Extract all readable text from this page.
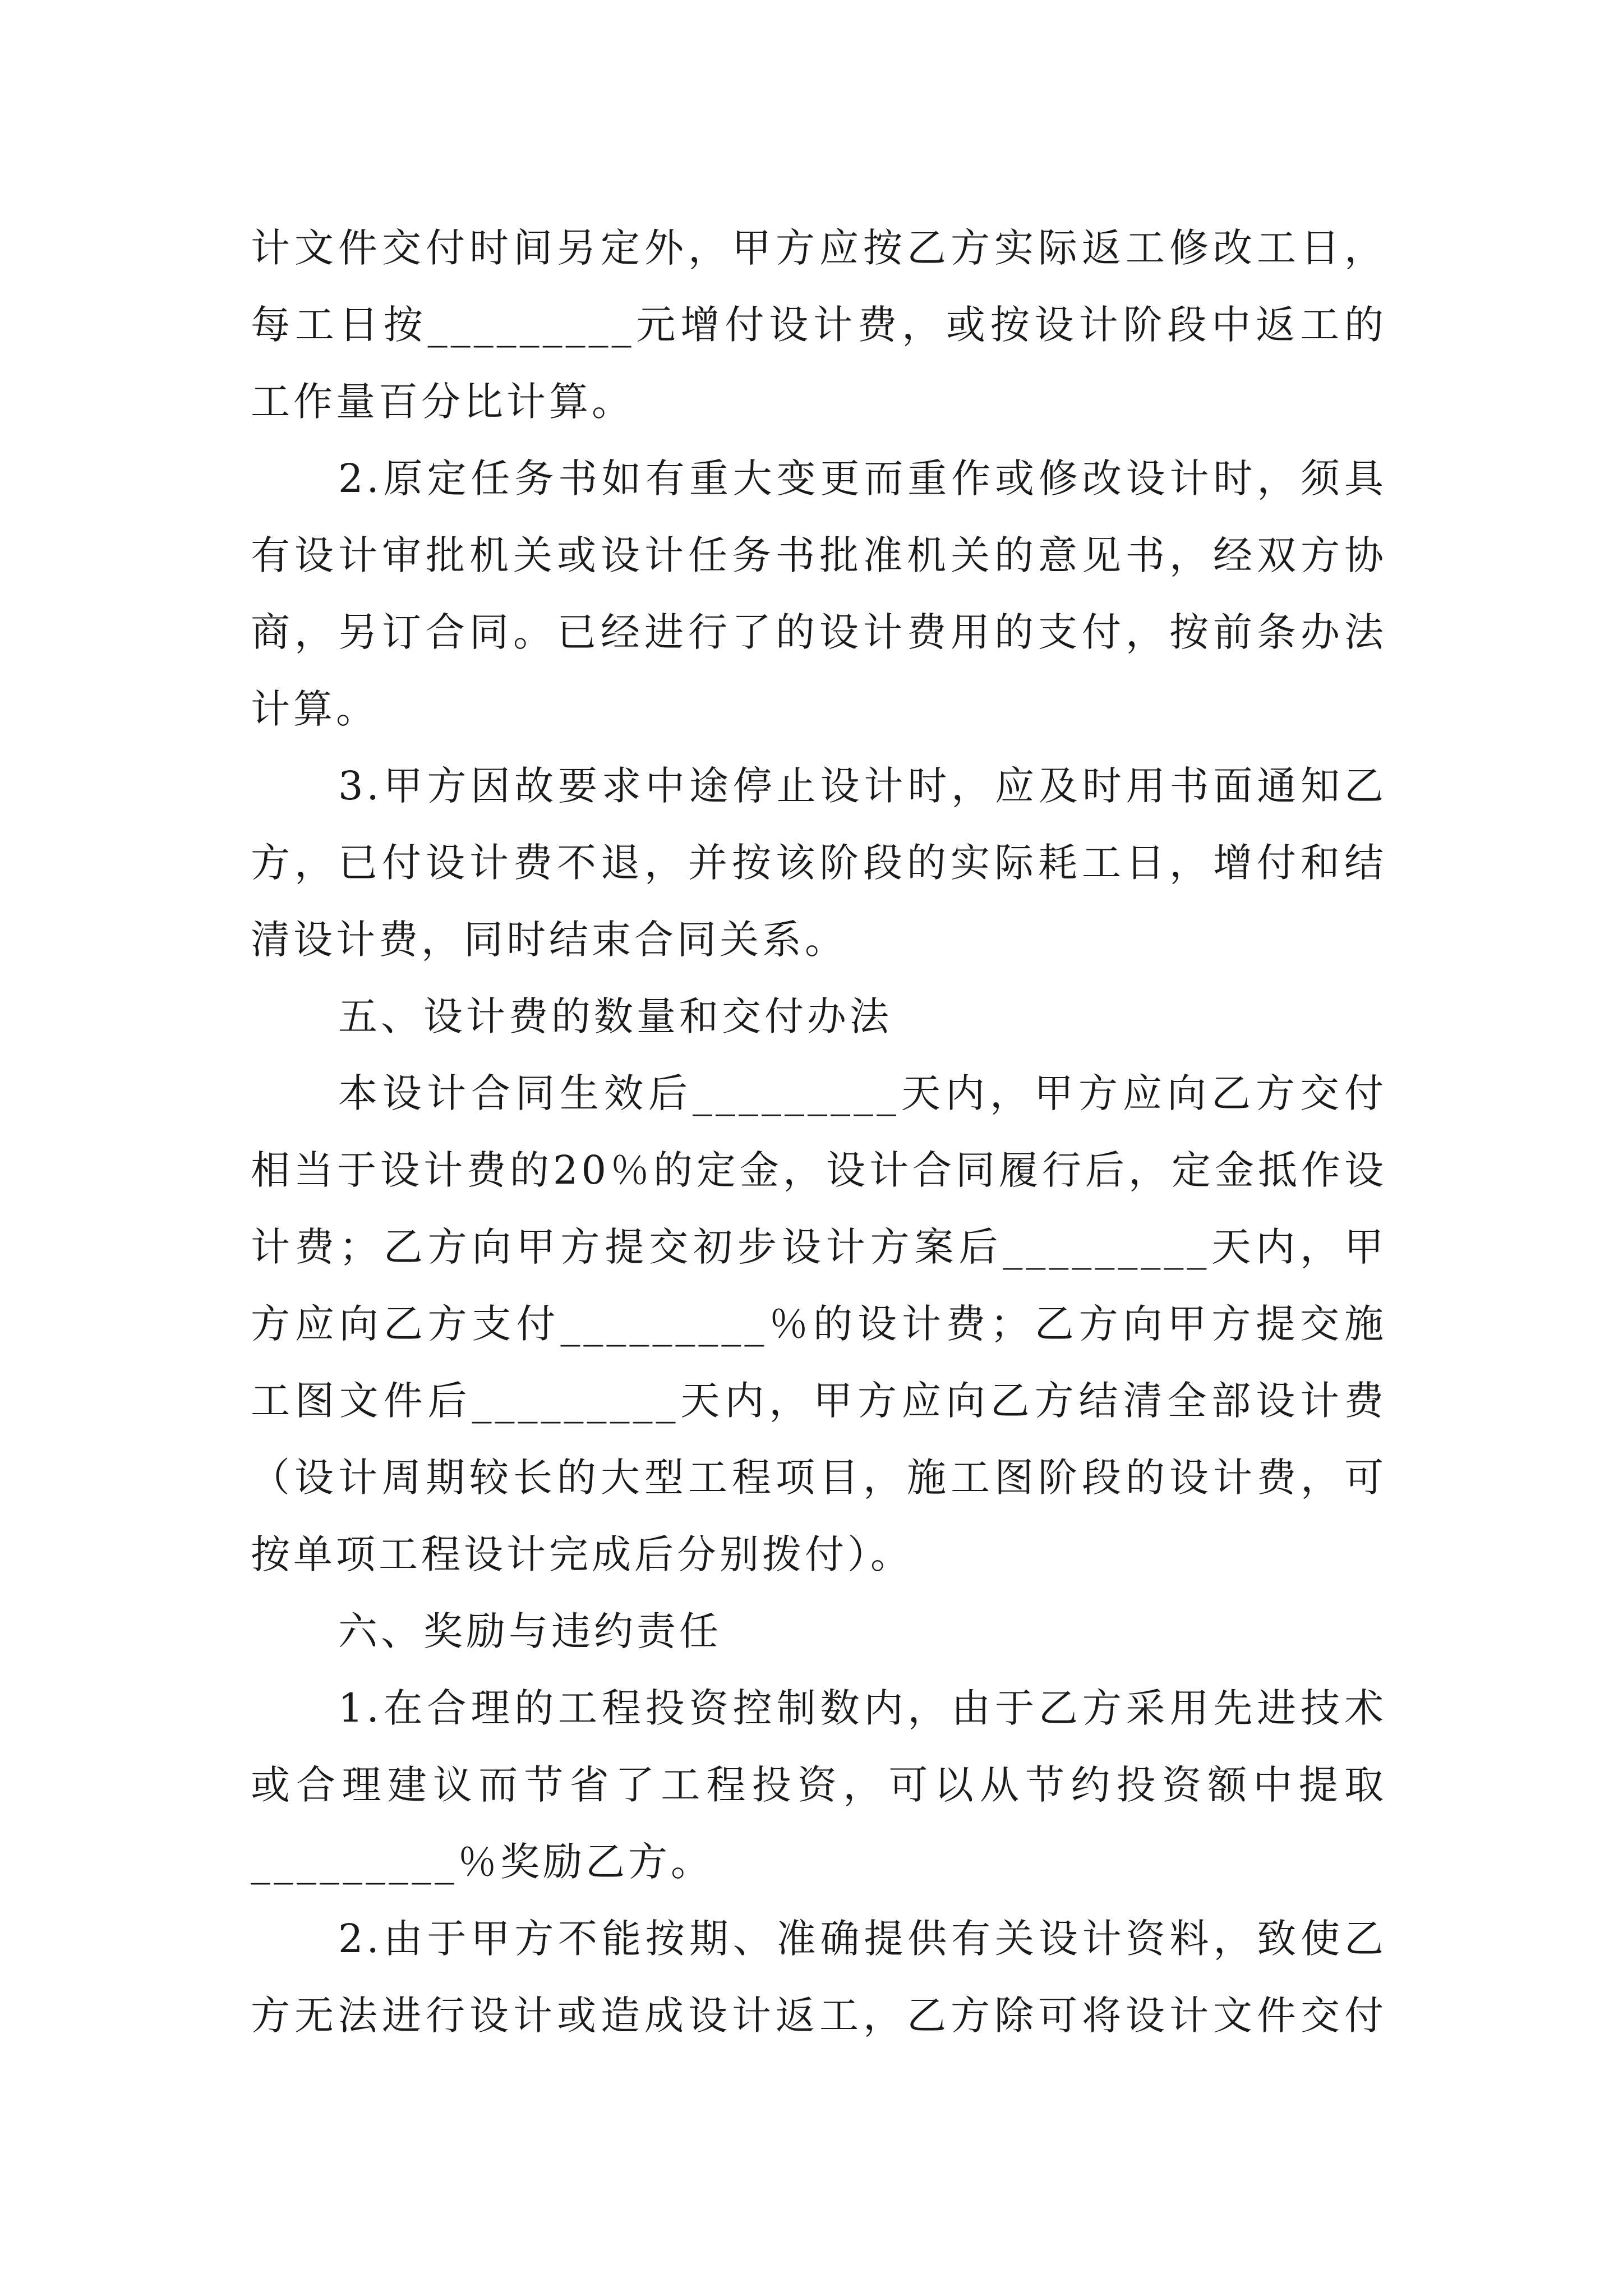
计文件交付时间另定外，甲方应按乙方实际返工修改工日，
每工日按_________元增付设计费，或按设计阶段中返工的
工作量百分比计算。
2.原定任务书如有重大变更而重作或修改设计时，须具
有设计审批机关或设计任务书批准机关的意见书，经双方协
商，另订合同。已经进行了的设计费用的支付，按前条办法
计算。
3.甲方因故要求中途停止设计时，应及时用书面通知乙
方，已付设计费不退，并按该阶段的实际耗工日，增付和结
清设计费，同时结束合同关系。
五、设计费的数量和交付办法
本设计合同生效后_________天内，甲方应向乙方交付
相当于设计费的20％的定金，设计合同履行后，定金抵作设
计费；乙方向甲方提交初步设计方案后_________天内，甲
方应向乙方支付_________％的设计费；乙方向甲方提交施
工图文件后_________天内，甲方应向乙方结清全部设计费
（设计周期较长的大型工程项目，施工图阶段的设计费，可
按单项工程设计完成后分别拨付）。
六、奖励与违约责任
1.在合理的工程投资控制数内，由于乙方采用先进技术
或合理建议而节省了工程投资，可以从节约投资额中提取
_________％奖励乙方。
2.由于甲方不能按期、准确提供有关设计资料，致使乙
方无法进行设计或造成设计返工，乙方除可将设计文件交付
